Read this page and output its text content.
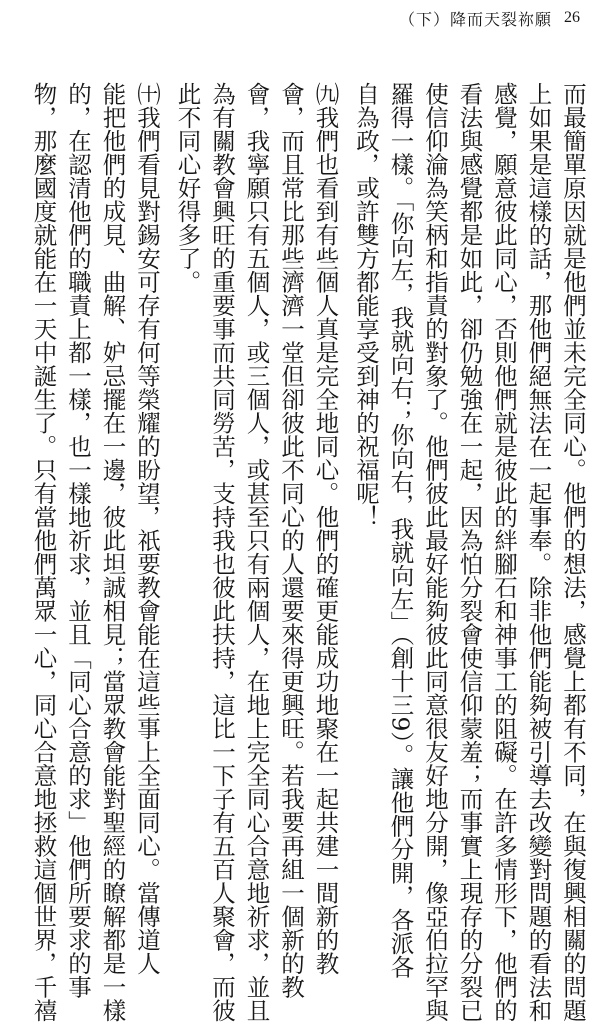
（下）降而天裂祢願 26

而最簡單原因就是他們並未完全同心。他們的想法，感覺上都有不同，在與復興相關的問題
上如果是這樣的話，那他們絕無法在一起事奉。除非他們能夠被引導去改變對問題的看法和
感覺，願意彼此同心，否則他們就是彼此的絆腳石和神事工的阻礙。在許多情形下，他們的
看法與感覺都是如此，卻仍勉強在一起，因為怕分裂會使信仰蒙羞；而事實上現存的分裂已
使信仰淪為笑柄和指責的對象了。他們彼此最好能夠彼此同意很友好地分開，像亞伯拉罕與
羅得一樣。「你向左，我就向右；你向右，我就向左」（創十三9）。讓他們分開，各派各
自為政，或許雙方都能享受到神的祝福呢！

㈨我們也看到有些個人真是完全地同心。他們的確更能成功地聚在一起共建一間新的教
會，而且常比那些濟濟一堂但卻彼此不同心的人還要來得更興旺。若我要再組一個新的教
會，我寧願只有五個人，或三個人，或甚至只有兩個人，在地上完全同心合意地祈求，並且
為有關教會興旺的重要事而共同勞苦，支持我也彼此扶持，這比一下子有五百人聚會，而彼
此不同心好得多了。

㈩我們看見對錫安可存有何等榮耀的盼望，祇要教會能在這些事上全面同心。當傳道人
能把他們的成見、曲解、妒忌擺在一邊，彼此坦誠相見；當眾教會能對聖經的瞭解都是一樣
的，在認清他們的職責上都一樣，也一樣地祈求，並且「同心合意的求」他們所要求的事
物，那麼國度就能在一天中誕生了。只有當他們萬眾一心，同心合意地拯救這個世界，千禧
